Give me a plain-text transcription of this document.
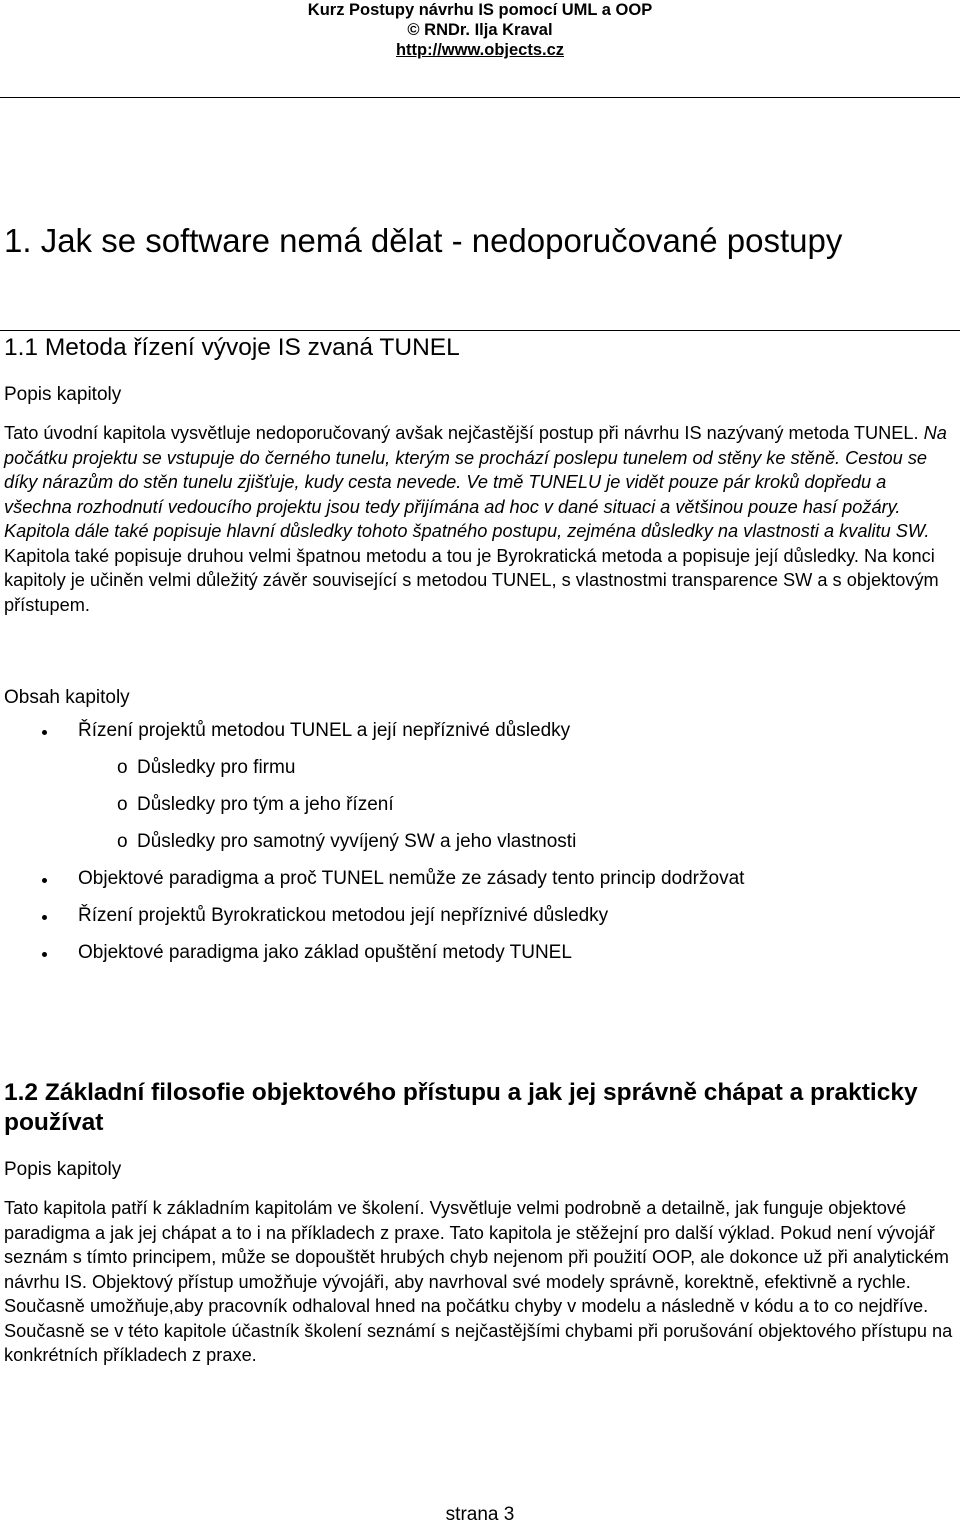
Kurz Postupy návrhu IS pomocí UML a OOP
© RNDr. Ilja Kraval
http://www.objects.cz
1. Jak se software nemá dělat - nedoporučované postupy
1.1 Metoda řízení vývoje IS zvaná TUNEL
Popis kapitoly
Tato úvodní kapitola vysvětluje nedoporučovaný avšak nejčastější postup při návrhu IS nazývaný metoda TUNEL. Na počátku projektu se vstupuje do černého tunelu, kterým se prochází poslepu tunelem od stěny ke stěně. Cestou se díky nárazům do stěn tunelu zjišťuje, kudy cesta nevede. Ve tmě TUNELU je vidět pouze pár kroků dopředu a všechna rozhodnutí vedoucího projektu jsou tedy přijímána ad hoc v dané situaci a většinou pouze hasí požáry. Kapitola dále také popisuje hlavní důsledky tohoto špatného postupu, zejména důsledky na vlastnosti a kvalitu SW. Kapitola také popisuje druhou velmi špatnou metodu a tou je Byrokratická metoda a popisuje její důsledky. Na konci kapitoly je učiněn velmi důležitý závěr související s metodou TUNEL, s vlastnostmi transparence SW a s objektovým přístupem.
Obsah kapitoly
Řízení projektů metodou TUNEL a její nepříznivé důsledky
o Důsledky pro firmu
o Důsledky pro tým a jeho řízení
o Důsledky pro samotný vyvíjený SW a jeho vlastnosti
Objektové paradigma a proč TUNEL nemůže ze zásady tento princip dodržovat
Řízení projektů Byrokratickou metodou její nepříznivé důsledky
Objektové paradigma jako základ opuštění metody TUNEL
1.2 Základní filosofie objektového přístupu a jak jej správně chápat a prakticky používat
Popis kapitoly
Tato kapitola patří k základním kapitolám ve školení. Vysvětluje velmi podrobně a detailně, jak funguje objektové paradigma a jak jej chápat a to i na příkladech z praxe. Tato kapitola je stěžejní pro další výklad. Pokud není vývojář seznám s tímto principem, může se dopouštět hrubých chyb nejenom při použití OOP, ale dokonce už při analytickém návrhu IS. Objektový přístup umožňuje vývojáři, aby navrhoval své modely správně, korektně, efektivně a rychle. Současně umožňuje,aby pracovník odhaloval hned na počátku chyby v modelu a následně v kódu a to co nejdříve. Současně se v této kapitole účastník školení seznámí s nejčastějšími chybami při porušování objektového přístupu na konkrétních příkladech z praxe.
strana 3
